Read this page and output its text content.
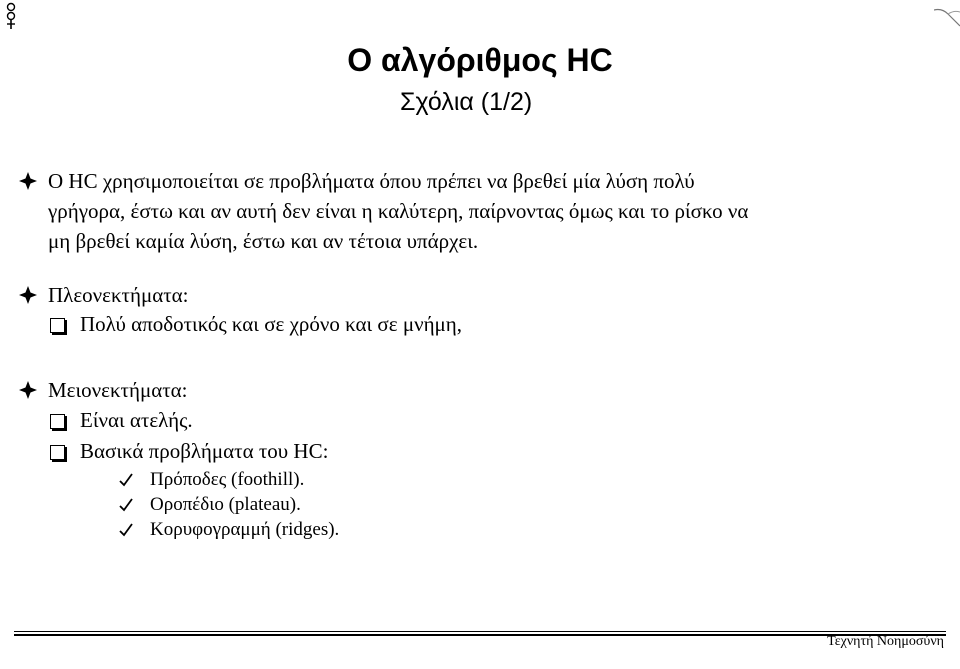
Ο αλγόριθμος HC
Σχόλια (1/2)
Ο HC χρησιμοποιείται σε προβλήματα όπου πρέπει να βρεθεί μία λύση πολύ
γρήγορα, έστω και αν αυτή δεν είναι η καλύτερη, παίρνοντας όμως και το ρίσκο να
μη βρεθεί καμία λύση, έστω και αν τέτοια υπάρχει.
Πλεονεκτήματα:
Πολύ αποδοτικός και σε χρόνο και σε μνήμη,
Μειονεκτήματα:
Είναι ατελής.
Βασικά προβλήματα του HC:
Πρόποδες (foothill).
Οροπέδιο (plateau).
Κορυφογραμμή (ridges).
Τεχνητή Νοημοσύνη
